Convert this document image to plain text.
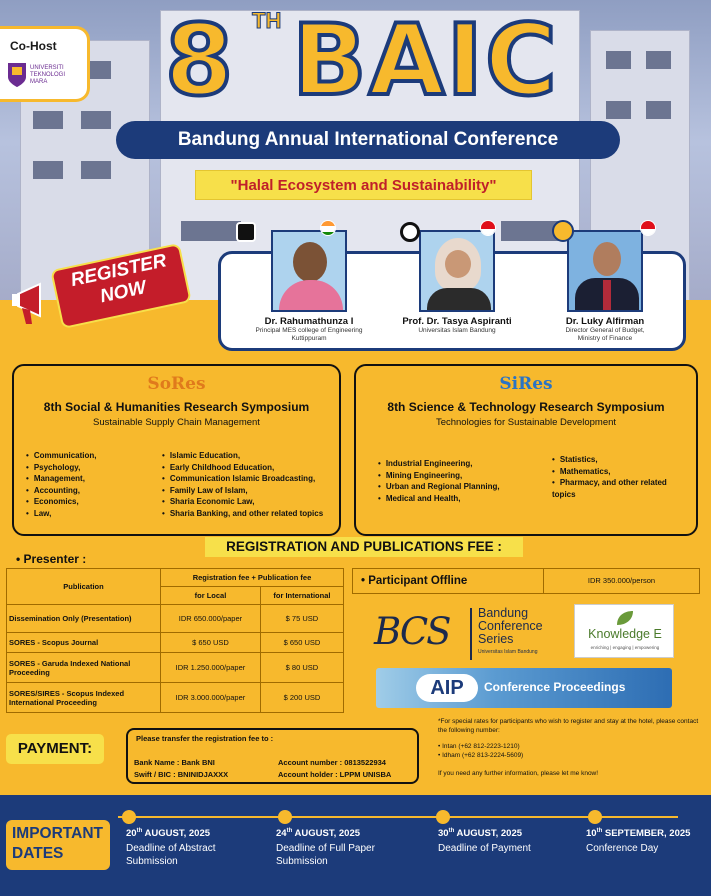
Co-Host
UNIVERSITI TEKNOLOGI MARA	8 TH BAIC
Bandung Annual International Conference
"Halal Ecosystem and Sustainability"
REGISTER NOW
Dr. Rahumathunza I
Principal MES college of Engineering
Kuttippuram
Prof. Dr. Tasya Aspiranti
Universitas Islam Bandung
Dr. Luky Alfirman
Director General of Budget,
Ministry of Finance
SoRes
8th Social & Humanities Research Symposium
Sustainable Supply Chain Management
• Communication,
• Psychology,
• Management,
• Accounting,
• Economics,
• Law,
• Islamic Education,
• Early Childhood Education,
• Communication Islamic Broadcasting,
• Family Law of Islam,
• Sharia Economic Law,
• Sharia Banking, and other related topics
SiRes
8th Science & Technology Research Symposium
Technologies for Sustainable Development
• Industrial Engineering,
• Mining Engineering,
• Urban and Regional Planning,
• Medical and Health,
• Statistics,
• Mathematics,
• Pharmacy, and other related topics
REGISTRATION AND PUBLICATIONS FEE :
• Presenter :
Publication	Registration fee + Publication fee	
	for Local	for International
Dissemination Only (Presentation)	IDR 650.000/paper	$ 75 USD
SORES - Scopus Journal	$ 650 USD	$ 650 USD
SORES - Garuda Indexed National Proceeding	IDR 1.250.000/paper	$ 80 USD
SORES/SIRES - Scopus Indexed International Proceeding	IDR 3.000.000/paper	$ 200 USD
• Participant Offline	IDR 350.000/person
BCS Bandung
Conference
Series
Universitas Islam Bandung
Knowledge E
enriching | engaging | empowering
AIP	Conference Proceedings
PAYMENT:
Please transfer the registration fee to :
Bank Name : Bank BNI
Swift / BIC : BNINIDJAXXX
Account number : 0813522934
Account holder : LPPM UNISBA
*For special rates for participants who wish to register and stay at the hotel, please contact the following number:
• Intan (+62 812-2223-1210)
• Idham (+62 813-2224-5609)
If you need any further information, please let me know!
IMPORTANT DATES
20th AUGUST, 2025
Deadline of Abstract Submission
24th AUGUST, 2025
Deadline of Full Paper Submission
30th AUGUST, 2025
Deadline of Payment
10th SEPTEMBER, 2025
Conference Day
